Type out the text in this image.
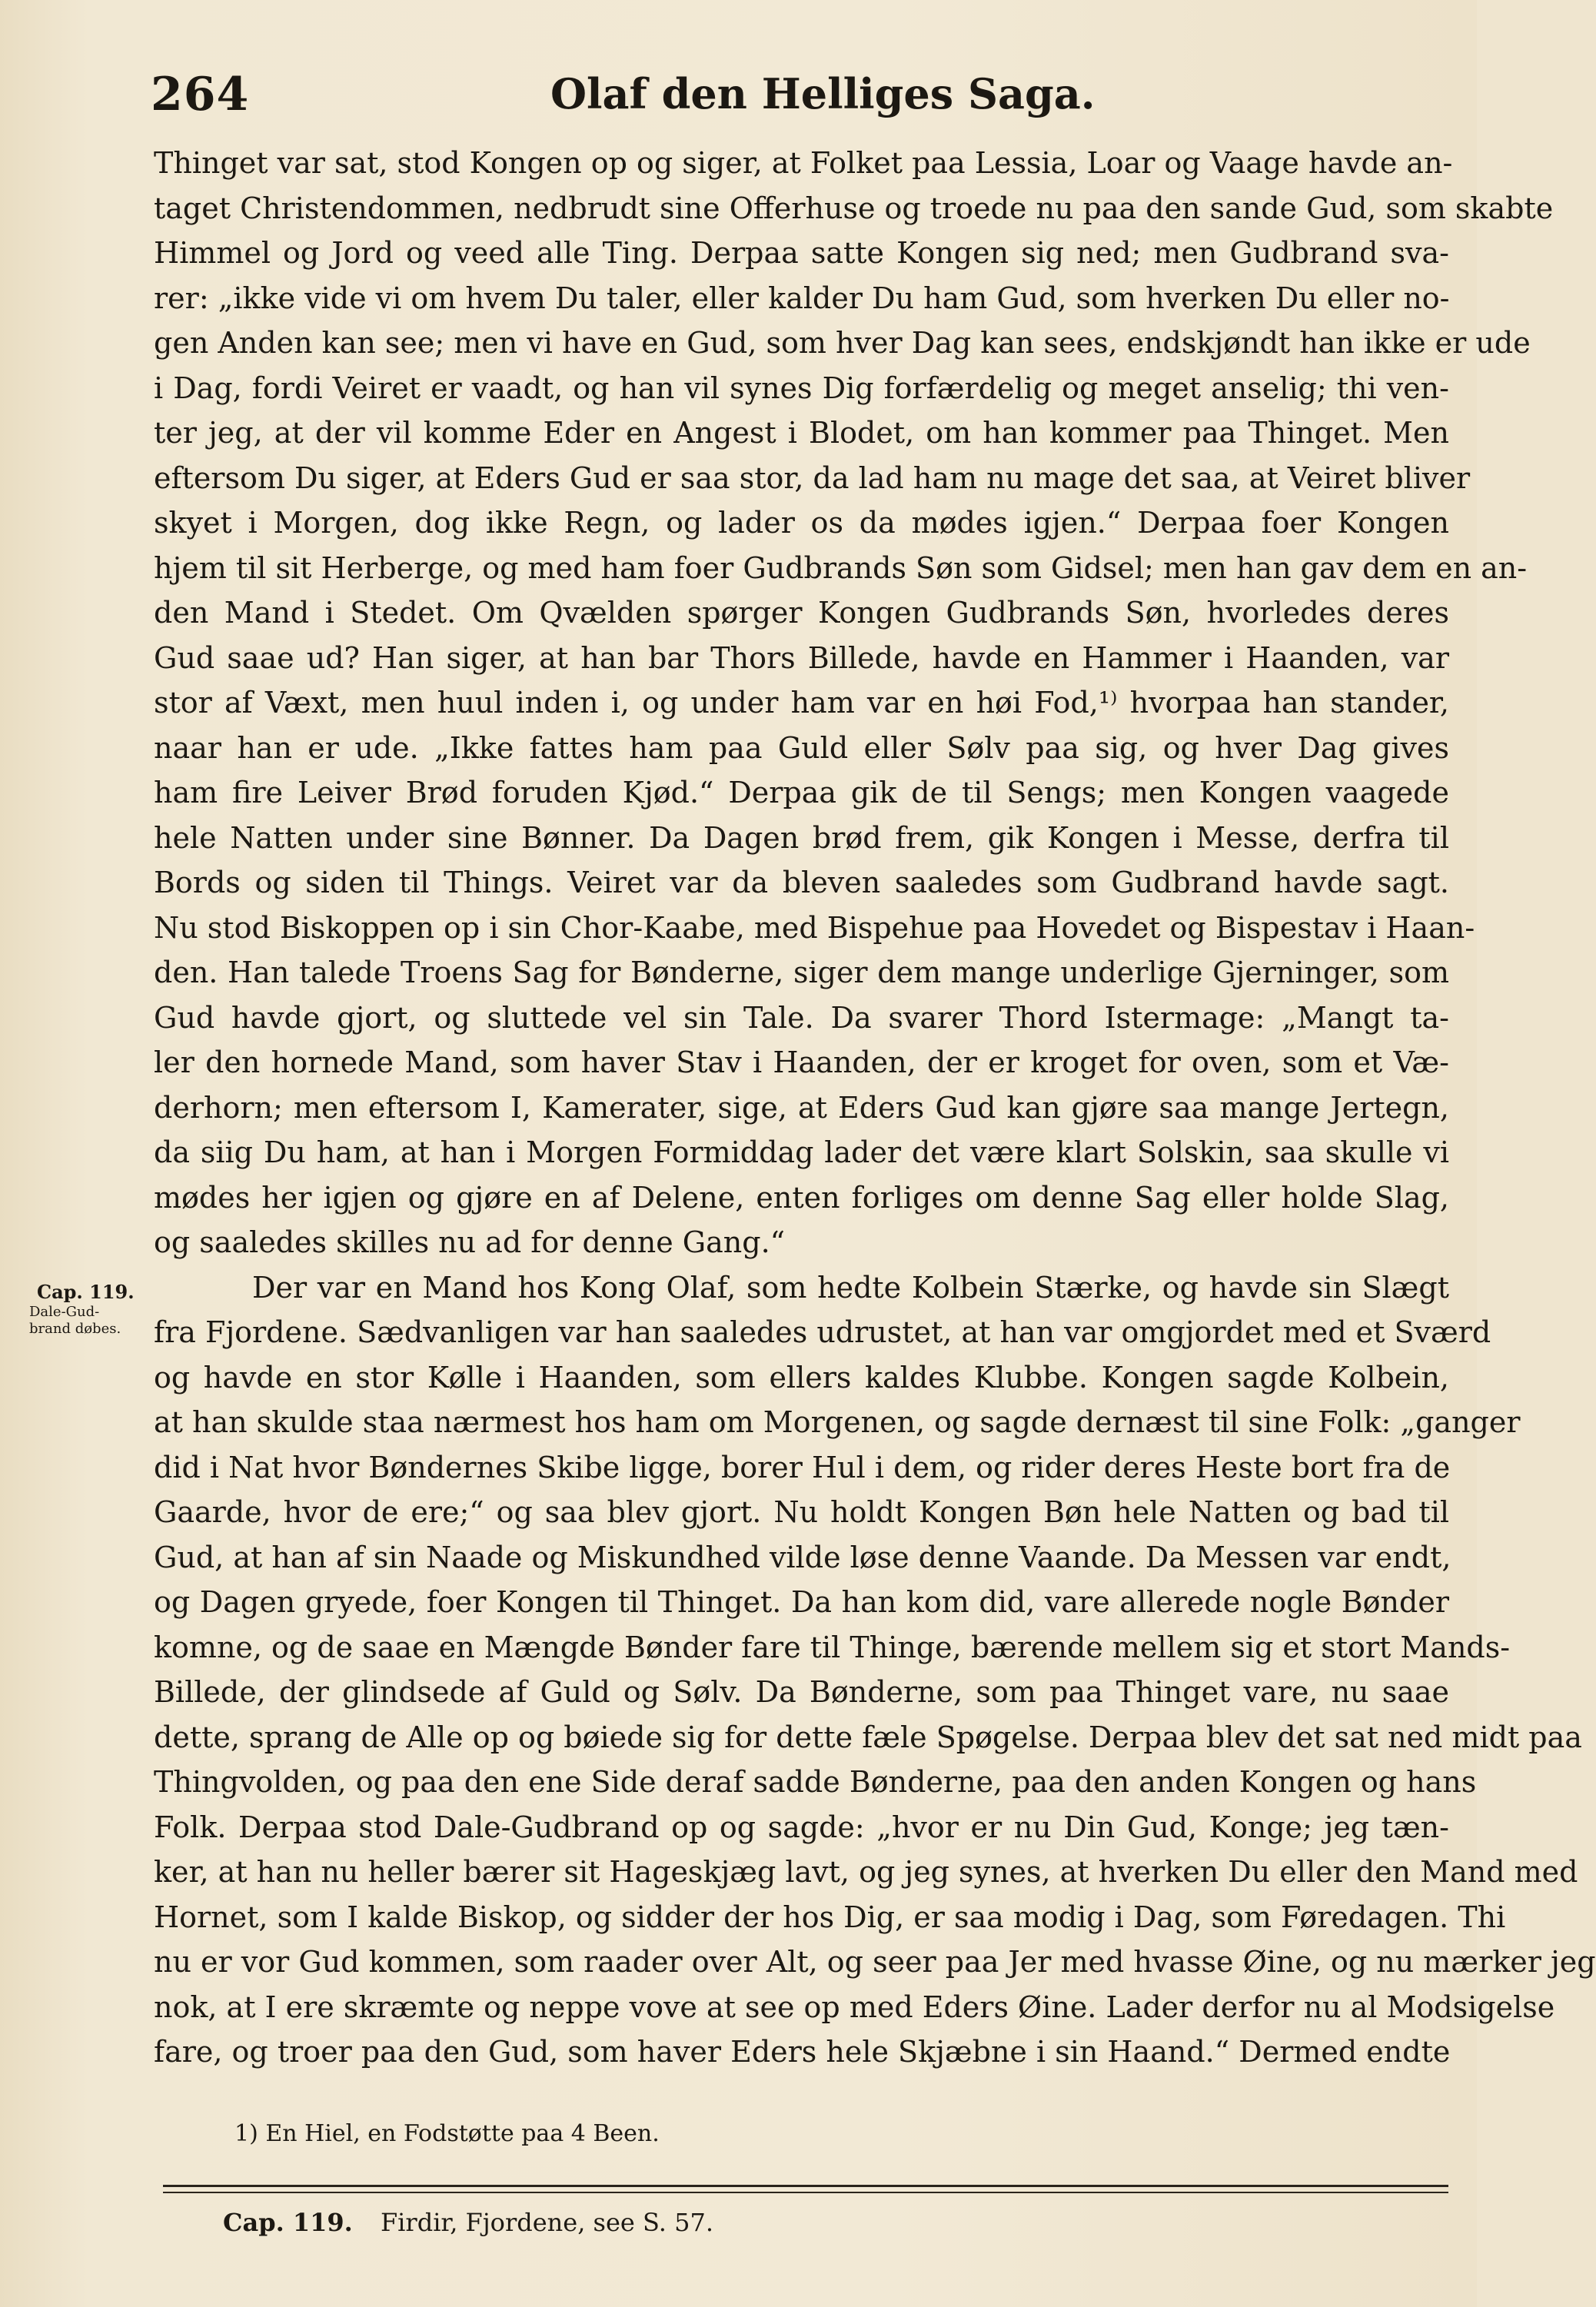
264	Olaf den Helliges Saga.
Thinget var sat, stod Kongen op og siger, at Folket paa Lessia, Loar og Vaage havde an-
taget Christendommen, nedbrudt sine Offerhuse og troede nu paa den sande Gud, som skabte
Himmel og Jord og veed alle Ting. Derpaa satte Kongen sig ned; men Gudbrand sva-
rer: „ikke vide vi om hvem Du taler, eller kalder Du ham Gud, som hverken Du eller no-
gen Anden kan see; men vi have en Gud, som hver Dag kan sees, endskjøndt han ikke er ude
i Dag, fordi Veiret er vaadt, og han vil synes Dig forfærdelig og meget anselig; thi ven-
ter jeg, at der vil komme Eder en Angest i Blodet, om han kommer paa Thinget. Men
eftersom Du siger, at Eders Gud er saa stor, da lad ham nu mage det saa, at Veiret bliver
skyet i Morgen, dog ikke Regn, og lader os da mødes igjen.“ Derpaa foer Kongen
hjem til sit Herberge, og med ham foer Gudbrands Søn som Gidsel; men han gav dem en an-
den Mand i Stedet. Om Qvælden spørger Kongen Gudbrands Søn, hvorledes deres
Gud saae ud? Han siger, at han bar Thors Billede, havde en Hammer i Haanden, var
stor af Væxt, men huul inden i, og under ham var en høi Fod,¹⁾ hvorpaa han stander,
naar han er ude. „Ikke fattes ham paa Guld eller Sølv paa sig, og hver Dag gives
ham fire Leiver Brød foruden Kjød.“ Derpaa gik de til Sengs; men Kongen vaagede
hele Natten under sine Bønner. Da Dagen brød frem, gik Kongen i Messe, derfra til
Bords og siden til Things. Veiret var da bleven saaledes som Gudbrand havde sagt.
Nu stod Biskoppen op i sin Chor-Kaabe, med Bispehue paa Hovedet og Bispestav i Haan-
den. Han talede Troens Sag for Bønderne, siger dem mange underlige Gjerninger, som
Gud havde gjort, og sluttede vel sin Tale. Da svarer Thord Istermage: „Mangt ta-
ler den hornede Mand, som haver Stav i Haanden, der er kroget for oven, som et Væ-
derhorn; men eftersom I, Kamerater, sige, at Eders Gud kan gjøre saa mange Jertegn,
da siig Du ham, at han i Morgen Formiddag lader det være klart Solskin, saa skulle vi
mødes her igjen og gjøre en af Delene, enten forliges om denne Sag eller holde Slag,
og saaledes skilles nu ad for denne Gang.“
Der var en Mand hos Kong Olaf, som hedte Kolbein Stærke, og havde sin Slægt
fra Fjordene. Sædvanligen var han saaledes udrustet, at han var omgjordet med et Sværd
og havde en stor Kølle i Haanden, som ellers kaldes Klubbe. Kongen sagde Kolbein,
at han skulde staa nærmest hos ham om Morgenen, og sagde dernæst til sine Folk: „ganger
did i Nat hvor Bøndernes Skibe ligge, borer Hul i dem, og rider deres Heste bort fra de
Gaarde, hvor de ere;“ og saa blev gjort. Nu holdt Kongen Bøn hele Natten og bad til
Gud, at han af sin Naade og Miskundhed vilde løse denne Vaande. Da Messen var endt,
og Dagen gryede, foer Kongen til Thinget. Da han kom did, vare allerede nogle Bønder
komne, og de saae en Mængde Bønder fare til Thinge, bærende mellem sig et stort Mands-
Billede, der glindsede af Guld og Sølv. Da Bønderne, som paa Thinget vare, nu saae
dette, sprang de Alle op og bøiede sig for dette fæle Spøgelse. Derpaa blev det sat ned midt paa
Thingvolden, og paa den ene Side deraf sadde Bønderne, paa den anden Kongen og hans
Folk. Derpaa stod Dale-Gudbrand op og sagde: „hvor er nu Din Gud, Konge; jeg tæn-
ker, at han nu heller bærer sit Hageskjæg lavt, og jeg synes, at hverken Du eller den Mand med
Hornet, som I kalde Biskop, og sidder der hos Dig, er saa modig i Dag, som Føredagen. Thi
nu er vor Gud kommen, som raader over Alt, og seer paa Jer med hvasse Øine, og nu mærker jeg
nok, at I ere skræmte og neppe vove at see op med Eders Øine. Lader derfor nu al Modsigelse
fare, og troer paa den Gud, som haver Eders hele Skjæbne i sin Haand.“ Dermed endte
Cap. 119.
Dale-Gud-
brand døbes.
1) En Hiel, en Fodstøtte paa 4 Been.
Cap. 119. Firdir, Fjordene, see S. 57.
